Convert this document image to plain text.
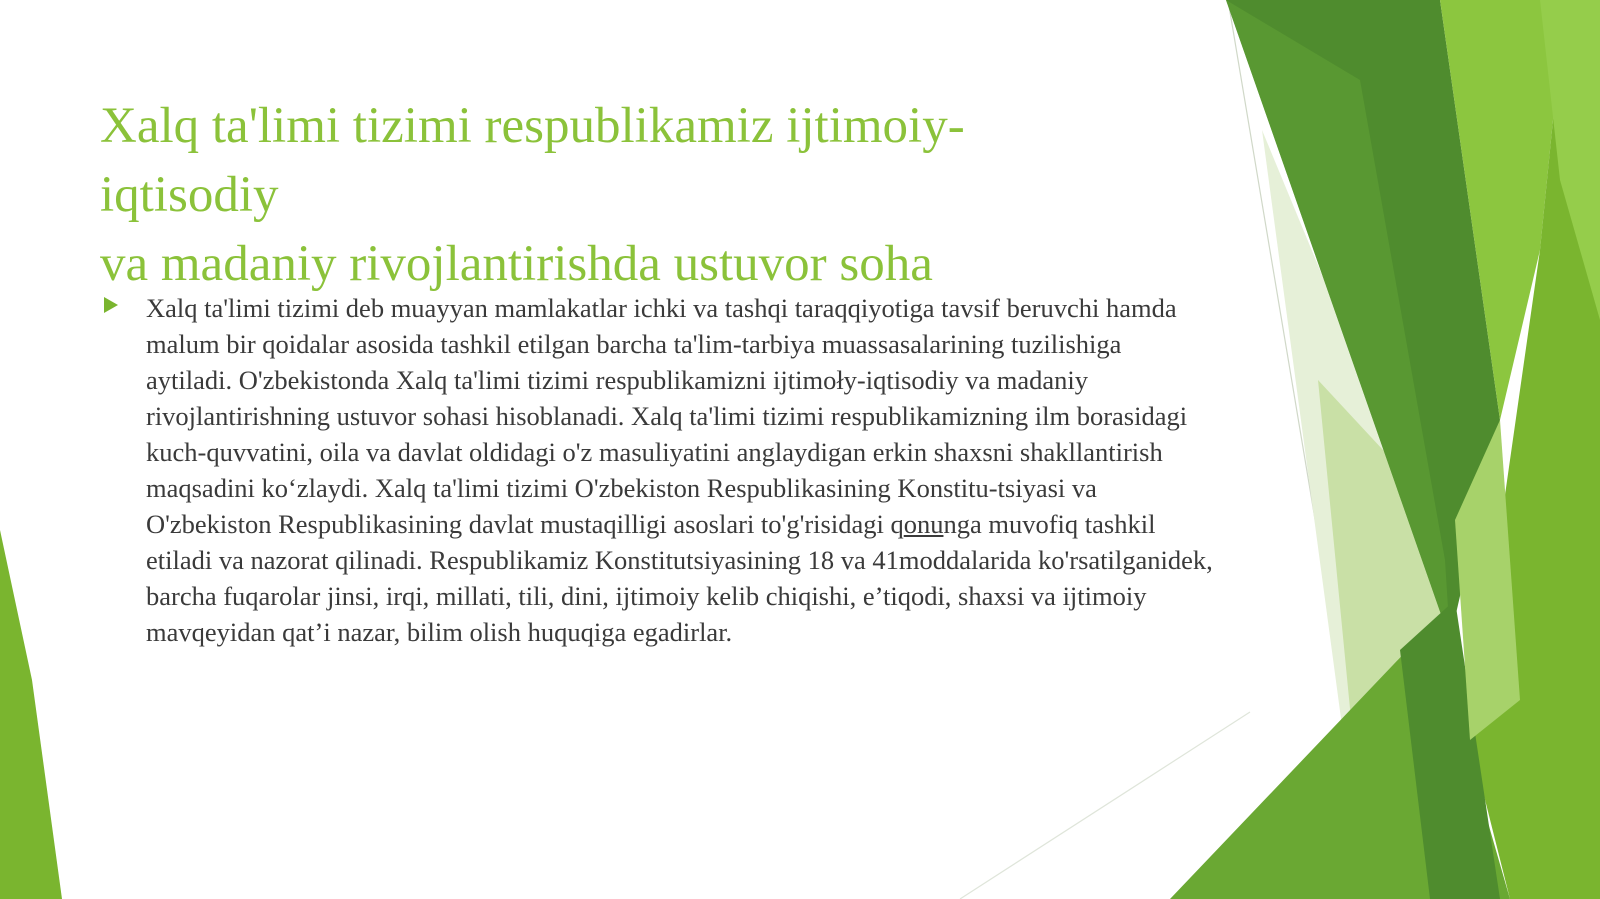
Xalq ta'limi tizimi respublikamiz ijtimoiy-
iqtisodiy
va madaniy rivojlantirishda ustuvor soha

Xalq ta'limi tizimi deb muayyan mamlakatlar ichki va tashqi taraqqiyotiga tavsif beruvchi hamda malum bir qoidalar asosida tashkil etilgan barcha ta'lim-tarbiya muassasalarining tuzilishiga aytiladi. O'zbekistonda Xalq ta'limi tizimi respublikamizni ijtimoły-iqtisodiy va madaniy rivojlantirishning ustuvor sohasi hisoblanadi. Xalq ta'limi tizimi respublikamizning ilm borasidagi kuch-quvvatini, oila va davlat oldidagi o'z masuliyatini anglaydigan erkin shaxsni shakllantirish maqsadini ko‘zlaydi. Xalq ta'limi tizimi O'zbekiston Respublikasining Konstitu-tsiyasi va O'zbekiston Respublikasining davlat mustaqilligi asoslari to'g'risidagi qonunga muvofiq tashkil etiladi va nazorat qilinadi. Respublikamiz Konstitutsiyasining 18 va 41moddalarida ko'rsatilganidek, barcha fuqarolar jinsi, irqi, millati, tili, dini, ijtimoiy kelib chiqishi, e’tiqodi, shaxsi va ijtimoiy mavqeyidan qat’i nazar, bilim olish huquqiga egadirlar.
